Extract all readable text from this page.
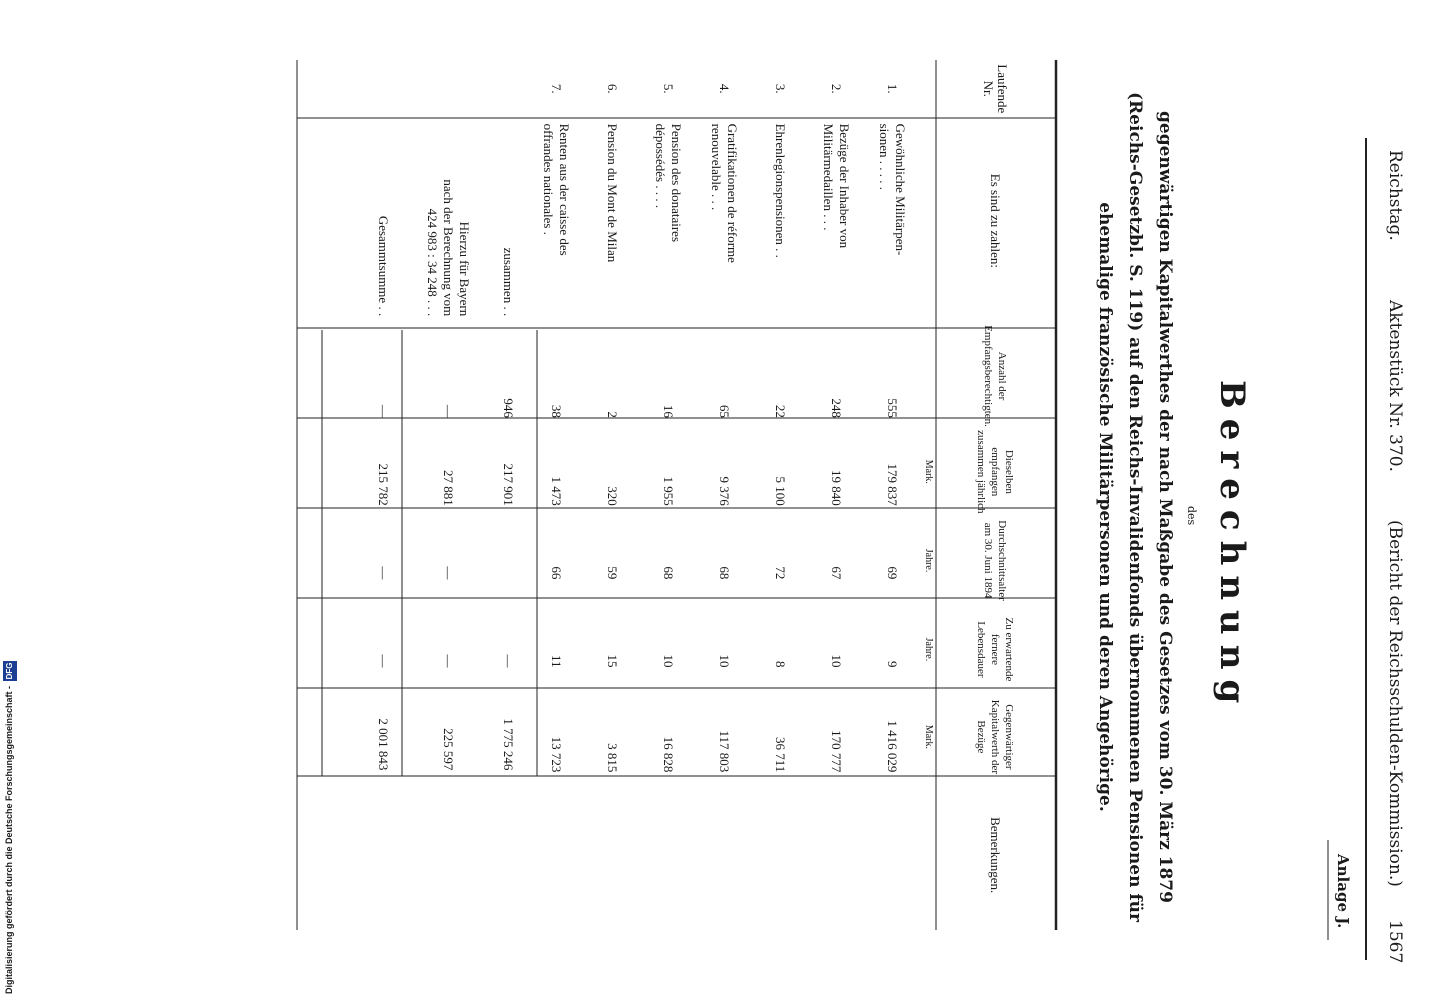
Reichstag.
Aktenstück Nr. 370.
(Bericht der Reichsschulden-Kommission.)
1567
Anlage J.
Berechnung
des
gegenwärtigen Kapitalwerthes der nach Maßgabe des Gesetzes vom 30. März 1879 (Reichs-Gesetzbl. S. 119) auf den Reichs-Invalidenfonds übernommenen Pensionen für ehemalige französische Militärpersonen und deren Angehörige.
Laufende Nr.	Es sind zu zahlen:	Anzahl der Empfangsberechtigten.	Dieselben empfangen zusammen jährlich	Durchschnittsalter am 30. Juni 1894	Zu erwartende fernere Lebensdauer	Gegenwärtiger Kapitalwerth der Bezüge	Bemerkungen.
			Mark.	Jahre.	Jahre.	Mark.	
1.	Gewöhnliche Militärpen-
sionen . . . . .	555	179 837	69	9	1 416 029	
2.	Bezüge der Inhaber von
Militärmedaillen . . .	248	19 840	67	10	170 777	
3.	Ehrenlegionspensionen . .	22	5 100	72	8	36 711	
4.	Gratifikationen de réforme
renouvelable . . .	65	9 376	68	10	117 803	
5.	Pension des donataires
dépossédés . . . .	16	1 955	68	10	16 828	
6.	Pension du Mont de Milan	2	320	59	15	3 815	
7.	Renten aus der caisse des
offrandes nationales .	38	1 473	66	11	13 723	

	zusammen . .	946	217 901		—	1 775 246	

	Hierzu für Bayern
nach der Berechnung vom
424 983 : 34 248 . . .	—	27 881	—	—	225 597	

	Gesammtsumme . .	—	215 782	—	—	2 001 843	
Digitalisierung gefördert durch die Deutsche Forschungsgemeinschaft - DFG
